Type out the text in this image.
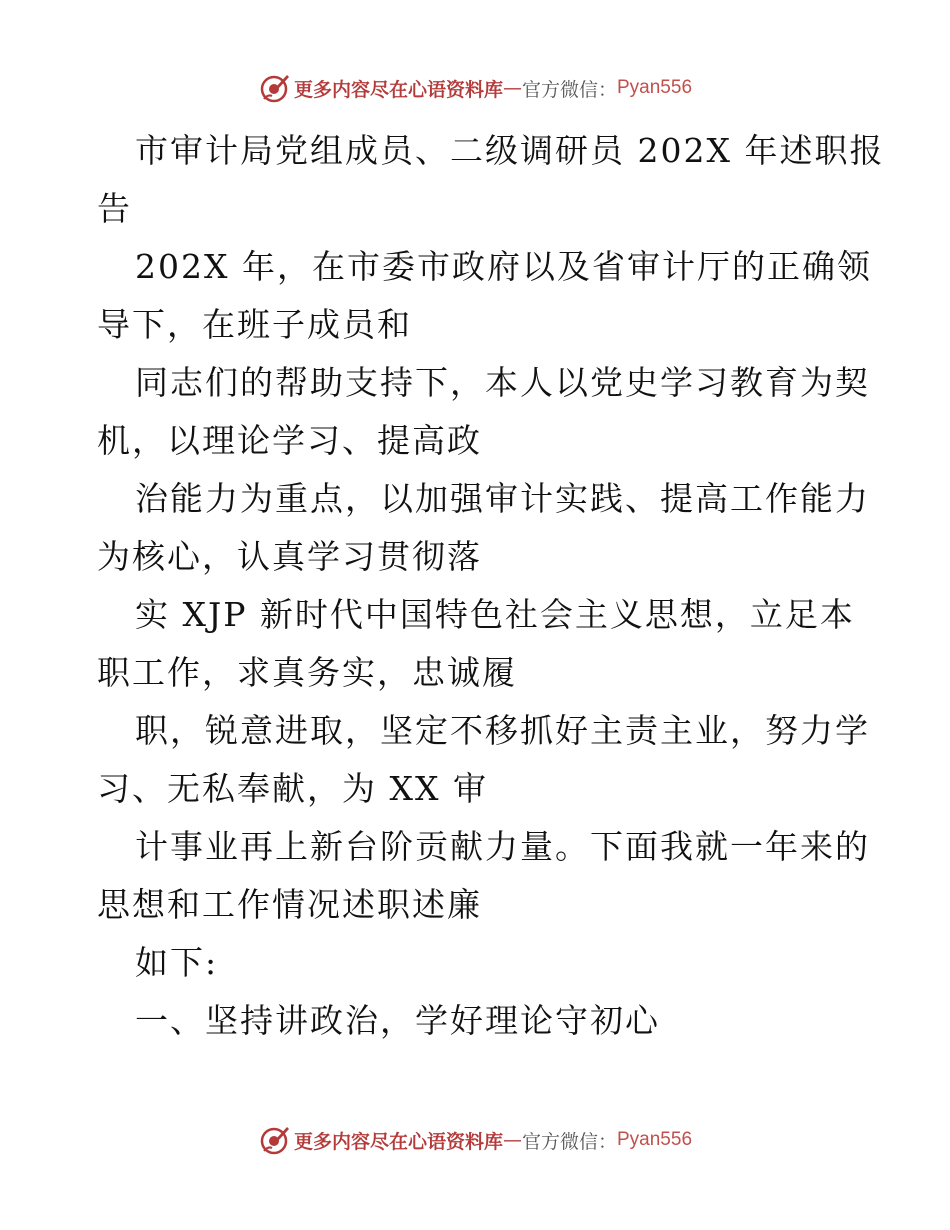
更多内容尽在心语资料库 — 官方微信： Pyan556
市审计局党组成员、二级调研员 202X 年述职报
告
202X 年，在市委市政府以及省审计厅的正确领
导下，在班子成员和
同志们的帮助支持下，本人以党史学习教育为契
机，以理论学习、提高政
治能力为重点，以加强审计实践、提高工作能力
为核心，认真学习贯彻落
实 XJP 新时代中国特色社会主义思想，立足本
职工作，求真务实，忠诚履
职，锐意进取，坚定不移抓好主责主业，努力学
习、无私奉献，为 XX 审
计事业再上新台阶贡献力量。下面我就一年来的
思想和工作情况述职述廉
如下:
一、坚持讲政治，学好理论守初心
更多内容尽在心语资料库 — 官方微信： Pyan556
